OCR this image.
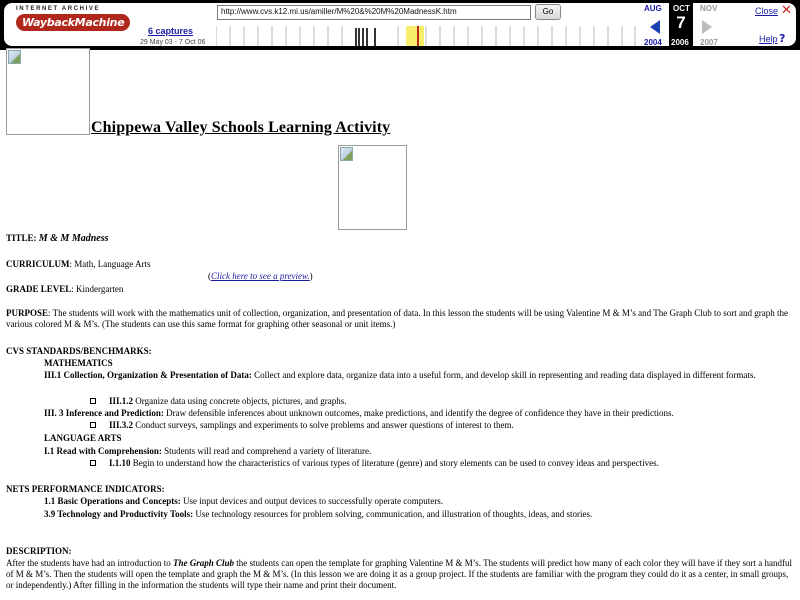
INTERNET ARCHIVE
WaybackMachine
6 captures
29 May 03 - 7 Oct 06
http://www.cvs.k12.mi.us/amiller/M%20&%20M%20MadnessK.htm	Go	AUG OCT NOV
7
2004 2006 2007
Close ✕
Help ?
Chippewa Valley Schools Learning Activity
TITLE: M & M Madness
CURRICULUM: Math, Language Arts
(Click here to see a preview.)
GRADE LEVEL: Kindergarten
PURPOSE: The students will work with the mathematics unit of collection, organization, and presentation of data. In this lesson the students will be using Valentine M & M’s and The Graph Club to sort and graph the various colored M & M’s. (The students can use this same format for graphing other seasonal or unit items.)
CVS STANDARDS/BENCHMARKS:
MATHEMATICS
III.1 Collection, Organization & Presentation of Data: Collect and explore data, organize data into a useful form, and develop skill in representing and reading data displayed in different formats.
III.1.2 Organize data using concrete objects, pictures, and graphs.
III. 3 Inference and Prediction: Draw defensible inferences about unknown outcomes, make predictions, and identify the degree of confidence they have in their predictions.
III.3.2 Conduct surveys, samplings and experiments to solve problems and answer questions of interest to them.
LANGUAGE ARTS
I.1 Read with Comprehension: Students will read and comprehend a variety of literature.
I.1.10 Begin to understand how the characteristics of various types of literature (genre) and story elements can be used to convey ideas and perspectives.
NETS PERFORMANCE INDICATORS:
1.1 Basic Operations and Concepts: Use input devices and output devices to successfully operate computers.
3.9 Technology and Productivity Tools: Use technology resources for problem solving, communication, and illustration of thoughts, ideas, and stories.
DESCRIPTION:
After the students have had an introduction to The Graph Club the students can open the template for graphing Valentine M & M’s. The students will predict how many of each color they will have if they sort a handful of M & M’s. Then the students will open the template and graph the M & M’s. (In this lesson we are doing it as a group project. If the students are familiar with the program they could do it as a center, in small groups, or independently.) After filling in the information the students will type their name and print their document.
